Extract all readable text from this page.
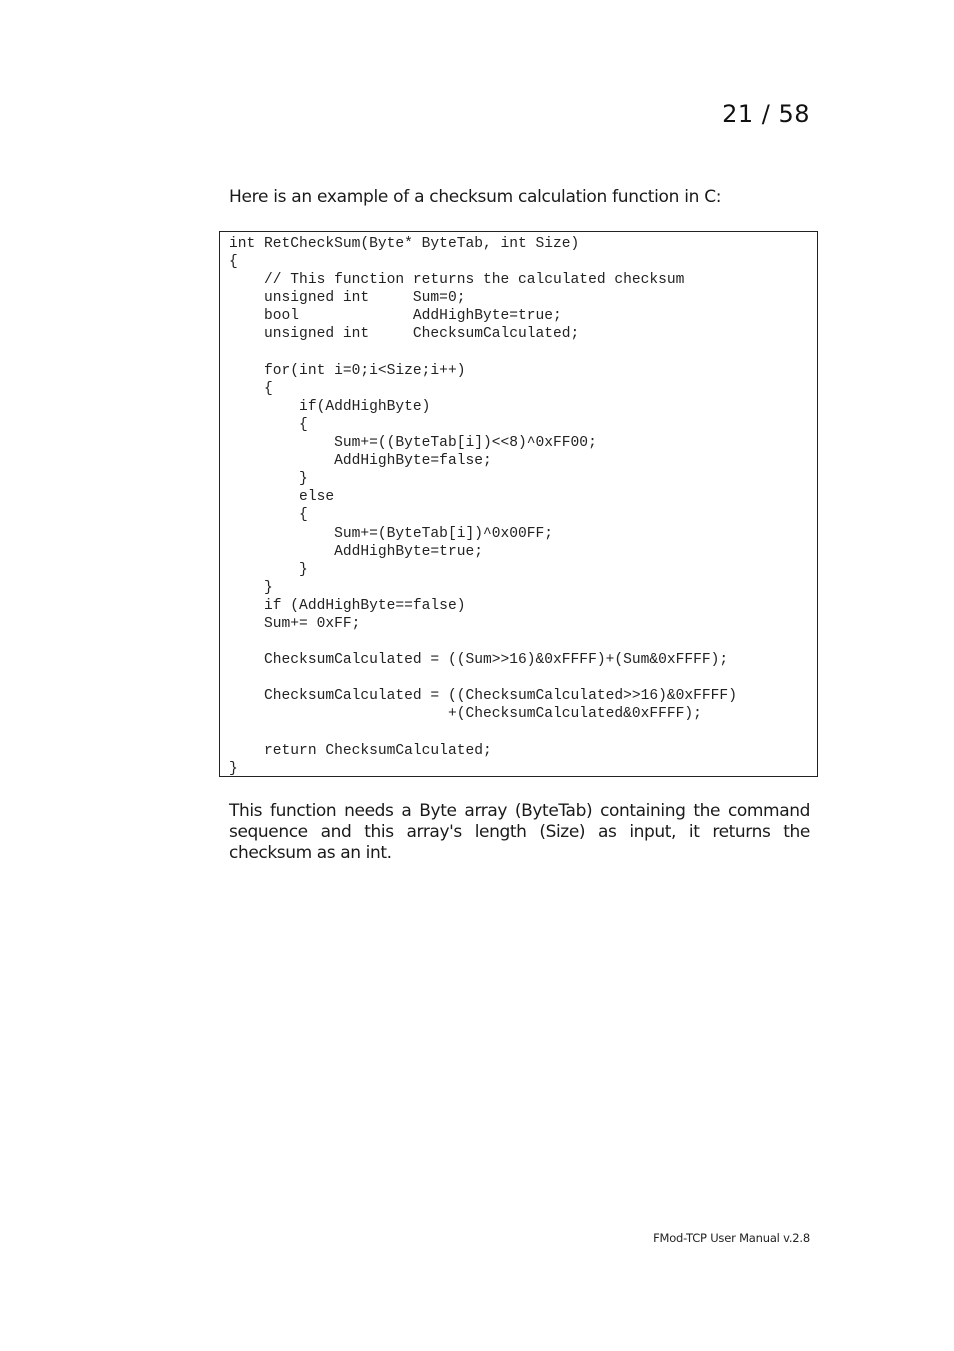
21 / 58
Here is an example of a checksum calculation function in C:
int RetCheckSum(Byte* ByteTab, int Size)
{
// This function returns the calculated checksum
unsigned int     Sum=0;
bool             AddHighByte=true;
unsigned int     ChecksumCalculated;

for(int i=0;i<Size;i++)
{
if(AddHighByte)
{
Sum+=((ByteTab[i])<<8)^0xFF00;
AddHighByte=false;
}
else
{
Sum+=(ByteTab[i])^0x00FF;
AddHighByte=true;
}
}
if (AddHighByte==false)
Sum+= 0xFF;

ChecksumCalculated = ((Sum>>16)&0xFFFF)+(Sum&0xFFFF);

ChecksumCalculated = ((ChecksumCalculated>>16)&0xFFFF)
+(ChecksumCalculated&0xFFFF);

return ChecksumCalculated;
}

This function needs a Byte array (ByteTab) containing the command sequence and this array's length (Size) as input, it returns the checksum as an int.

FMod-TCP User Manual v.2.8
